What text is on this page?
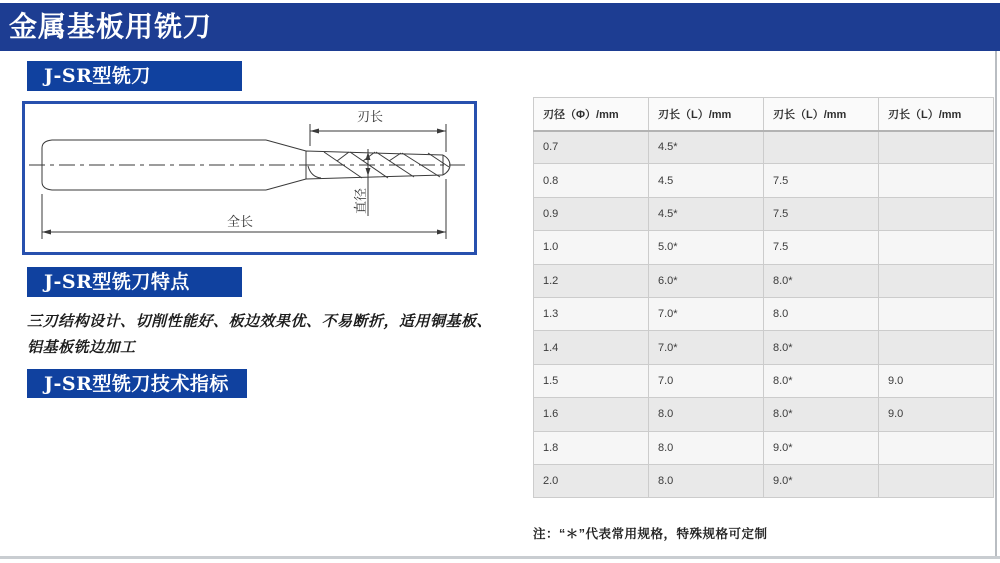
金属基板用铣刀
J-SR型铣刀
刃长
全长
直径
J-SR型铣刀特点
三刃结构设计、切削性能好、板边效果优、不易断折，适用铜基板、
铝基板铣边加工
J-SR型铣刀技术指标
刃径（Φ）/mm	刃长（L）/mm	刃长（L）/mm	刃长（L）/mm
0.7	4.5*		
0.8	4.5	7.5	
0.9	4.5*	7.5	
1.0	5.0*	7.5	
1.2	6.0*	8.0*	
1.3	7.0*	8.0	
1.4	7.0*	8.0*	
1.5	7.0	8.0*	9.0
1.6	8.0	8.0*	9.0
1.8	8.0	9.0*	
2.0	8.0	9.0*	
注：“＊”代表常用规格，特殊规格可定制
